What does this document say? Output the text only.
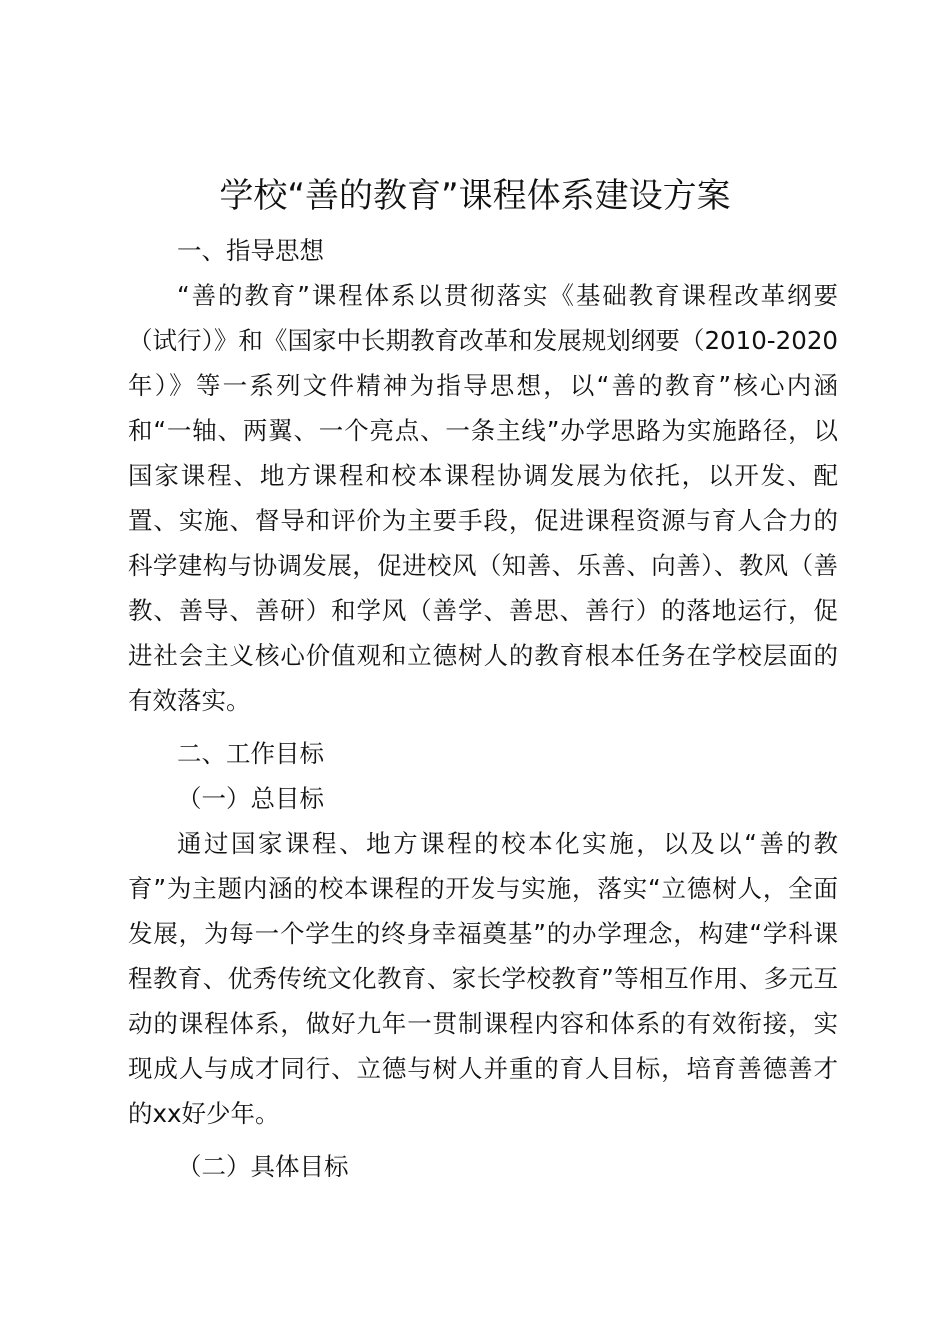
学校“善的教育”课程体系建设方案

一、指导思想

“善的教育”课程体系以贯彻落实《基础教育课程改革纲要（试行）》和《国家中长期教育改革和发展规划纲要（2010-2020年）》等一系列文件精神为指导思想，以“善的教育”核心内涵和“一轴、两翼、一个亮点、一条主线”办学思路为实施路径，以国家课程、地方课程和校本课程协调发展为依托，以开发、配置、实施、督导和评价为主要手段，促进课程资源与育人合力的科学建构与协调发展，促进校风（知善、乐善、向善）、教风（善教、善导、善研）和学风（善学、善思、善行）的落地运行，促进社会主义核心价值观和立德树人的教育根本任务在学校层面的有效落实。

二、工作目标

（一）总目标

通过国家课程、地方课程的校本化实施，以及以“善的教育”为主题内涵的校本课程的开发与实施，落实“立德树人，全面发展，为每一个学生的终身幸福奠基”的办学理念，构建“学科课程教育、优秀传统文化教育、家长学校教育”等相互作用、多元互动的课程体系，做好九年一贯制课程内容和体系的有效衔接，实现成人与成才同行、立德与树人并重的育人目标，培育善德善才的xx好少年。

（二）具体目标
